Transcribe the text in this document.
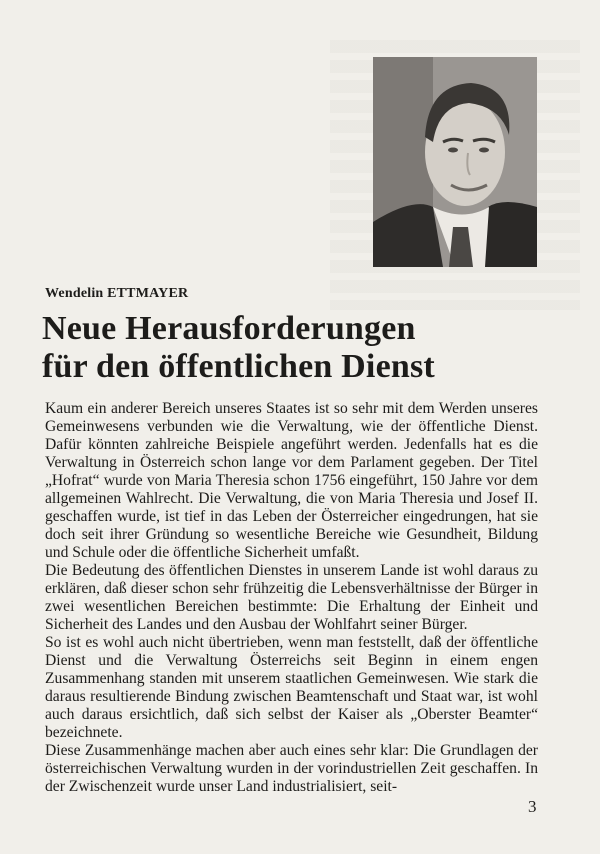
Wendelin ETTMAYER
Neue Herausforderungen
für den öffentlichen Dienst

Kaum ein anderer Bereich unseres Staates ist so sehr mit dem Werden unseres Gemeinwesens verbunden wie die Verwaltung, wie der öffentliche Dienst. Dafür könnten zahlreiche Beispiele angeführt werden. Jedenfalls hat es die Verwaltung in Österreich schon lange vor dem Parlament gegeben. Der Titel „Hofrat“ wurde von Maria Theresia schon 1756 eingeführt, 150 Jahre vor dem allgemeinen Wahlrecht. Die Verwaltung, die von Maria Theresia und Josef II. geschaffen wurde, ist tief in das Leben der Österreicher eingedrungen, hat sie doch seit ihrer Gründung so wesentliche Bereiche wie Gesundheit, Bildung und Schule oder die öffentliche Sicherheit umfaßt.

Die Bedeutung des öffentlichen Dienstes in unserem Lande ist wohl daraus zu erklären, daß dieser schon sehr frühzeitig die Lebensverhältnisse der Bürger in zwei wesentlichen Bereichen bestimmte: Die Erhaltung der Einheit und Sicherheit des Landes und den Ausbau der Wohlfahrt seiner Bürger.

So ist es wohl auch nicht übertrieben, wenn man feststellt, daß der öffentliche Dienst und die Verwaltung Österreichs seit Beginn in einem engen Zusammenhang standen mit unserem staatlichen Gemeinwesen. Wie stark die daraus resultierende Bindung zwischen Beamtenschaft und Staat war, ist wohl auch daraus ersichtlich, daß sich selbst der Kaiser als „Oberster Beamter“ bezeichnete.

Diese Zusammenhänge machen aber auch eines sehr klar: Die Grundlagen der österreichischen Verwaltung wurden in der vorindustriellen Zeit geschaffen. In der Zwischenzeit wurde unser Land industrialisiert, seit-

3
